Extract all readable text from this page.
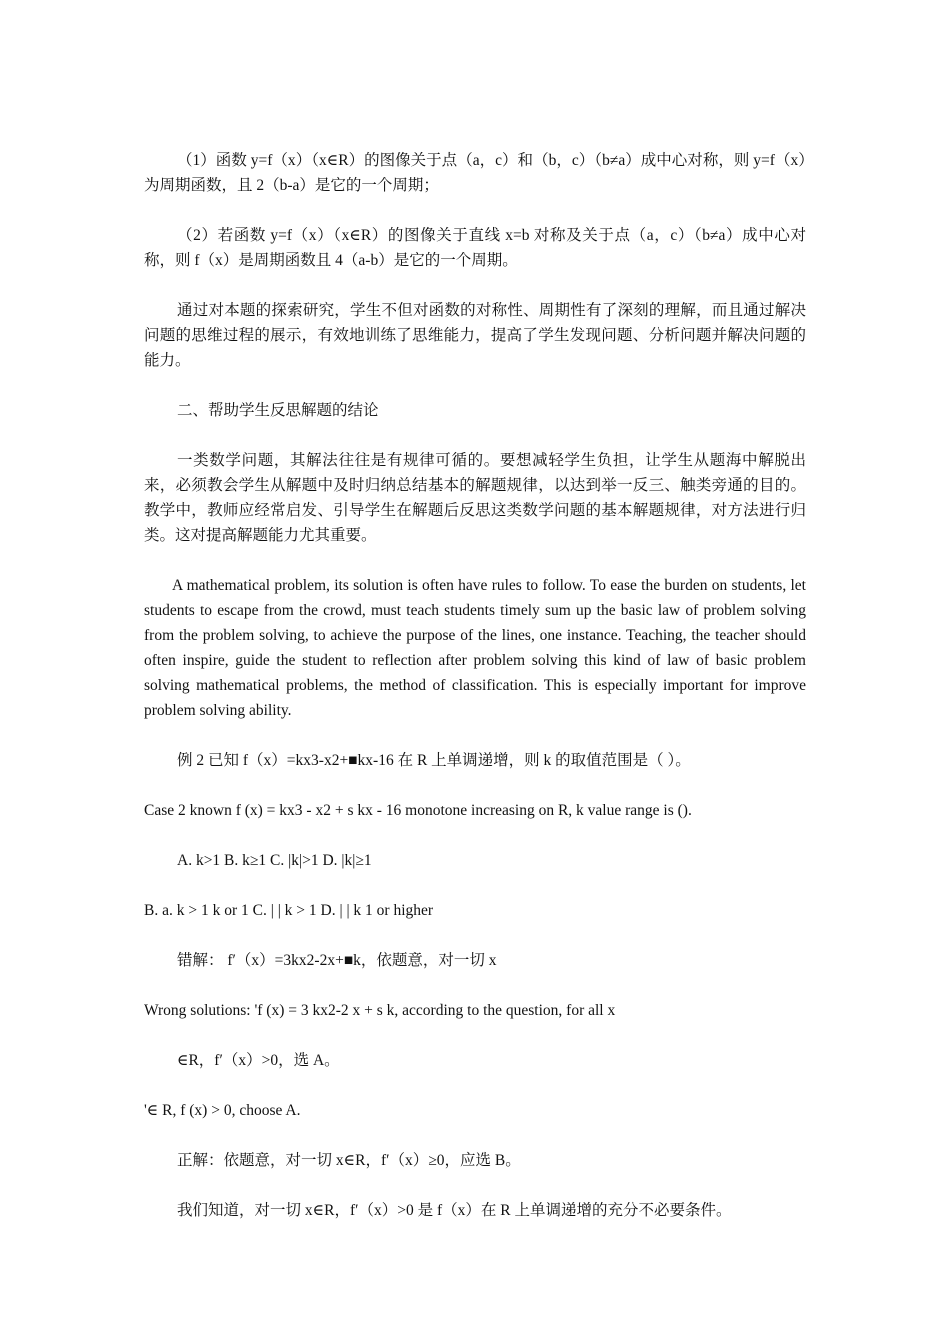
（1）函数 y=f（x）（x∈R）的图像关于点（a，c）和（b，c）（b≠a）成中心对称，则 y=f（x）为周期函数，且 2（b-a）是它的一个周期；

（2）若函数 y=f（x）（x∈R）的图像关于直线 x=b 对称及关于点（a，c）（b≠a）成中心对称，则 f（x）是周期函数且 4（a-b）是它的一个周期。

通过对本题的探索研究，学生不但对函数的对称性、周期性有了深刻的理解，而且通过解决问题的思维过程的展示，有效地训练了思维能力，提高了学生发现问题、分析问题并解决问题的能力。

二、帮助学生反思解题的结论

一类数学问题，其解法往往是有规律可循的。要想减轻学生负担，让学生从题海中解脱出来，必须教会学生从解题中及时归纳总结基本的解题规律，以达到举一反三、触类旁通的目的。教学中，教师应经常启发、引导学生在解题后反思这类数学问题的基本解题规律，对方法进行归类。这对提高解题能力尤其重要。

A mathematical problem, its solution is often have rules to follow. To ease the burden on students, let students to escape from the crowd, must teach students timely sum up the basic law of problem solving from the problem solving, to achieve the purpose of the lines, one instance. Teaching, the teacher should often inspire, guide the student to reflection after problem solving this kind of law of basic problem solving mathematical problems, the method of classification. This is especially important for improve problem solving ability.

例 2 已知 f（x）=kx3-x2+■kx-16 在 R 上单调递增，则 k 的取值范围是（ ）。

Case 2 known f (x) = kx3 - x2 + s kx - 16 monotone increasing on R, k value range is ().

A. k>1 B. k≥1 C. |k|>1 D. |k|≥1

B. a. k > 1 k or 1 C. | | k > 1 D. | | k 1 or higher

错解： f′（x）=3kx2-2x+■k，依题意，对一切 x

Wrong solutions: 'f (x) = 3 kx2-2 x + s k, according to the question, for all x

∈R，f′（x）>0，选 A。

'∈ R, f (x) > 0, choose A.

正解：依题意，对一切 x∈R，f′（x）≥0，应选 B。

我们知道，对一切 x∈R，f′（x）>0 是 f（x）在 R 上单调递增的充分不必要条件。
